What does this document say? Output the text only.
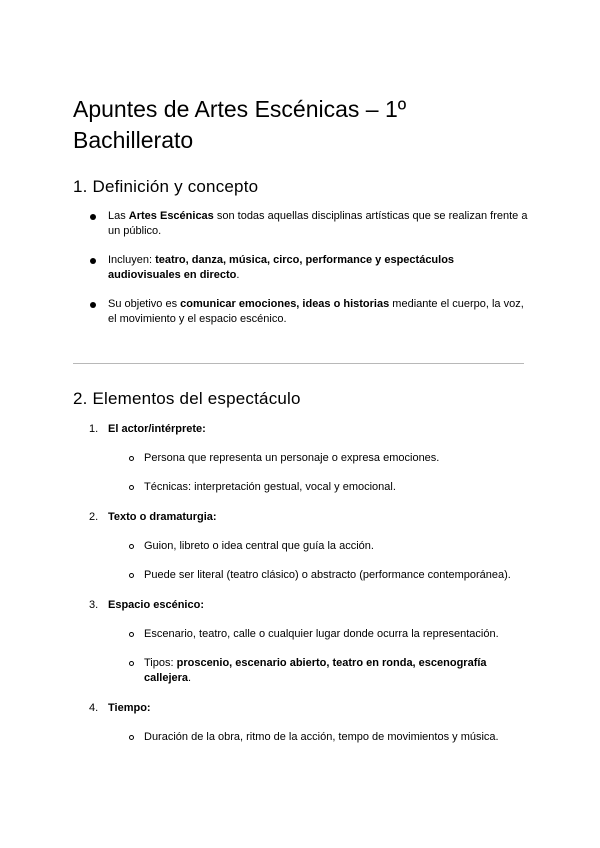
Apuntes de Artes Escénicas – 1º Bachillerato
1. Definición y concepto
Las Artes Escénicas son todas aquellas disciplinas artísticas que se realizan frente a un público.
Incluyen: teatro, danza, música, circo, performance y espectáculos audiovisuales en directo.
Su objetivo es comunicar emociones, ideas o historias mediante el cuerpo, la voz, el movimiento y el espacio escénico.
2. Elementos del espectáculo
1. El actor/intérprete:
Persona que representa un personaje o expresa emociones.
Técnicas: interpretación gestual, vocal y emocional.
2. Texto o dramaturgia:
Guion, libreto o idea central que guía la acción.
Puede ser literal (teatro clásico) o abstracto (performance contemporánea).
3. Espacio escénico:
Escenario, teatro, calle o cualquier lugar donde ocurra la representación.
Tipos: proscenio, escenario abierto, teatro en ronda, escenografía callejera.
4. Tiempo:
Duración de la obra, ritmo de la acción, tempo de movimientos y música.
